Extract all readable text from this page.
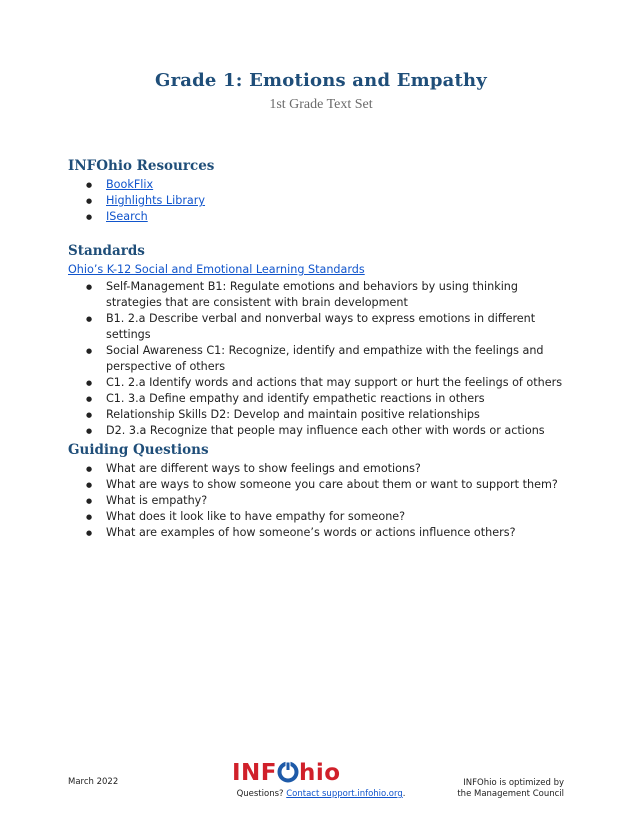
Grade 1: Emotions and Empathy
1st Grade Text Set
INFOhio Resources
● BookFlix
● Highlights Library
● ISearch
Standards
Ohio’s K-12 Social and Emotional Learning Standards
● Self-Management B1: Regulate emotions and behaviors by using thinking strategies that are consistent with brain development
● B1. 2.a Describe verbal and nonverbal ways to express emotions in different settings
● Social Awareness C1: Recognize, identify and empathize with the feelings and perspective of others
● C1. 2.a Identify words and actions that may support or hurt the feelings of others
● C1. 3.a Define empathy and identify empathetic reactions in others
● Relationship Skills D2: Develop and maintain positive relationships
● D2. 3.a Recognize that people may influence each other with words or actions
Guiding Questions
● What are different ways to show feelings and emotions?
● What are ways to show someone you care about them or want to support them?
● What is empathy?
● What does it look like to have empathy for someone?
● What are examples of how someone’s words or actions influence others?
March 2022	INF hio
Questions? Contact support.infohio.org.
INFOhio is optimized by
the Management Council
